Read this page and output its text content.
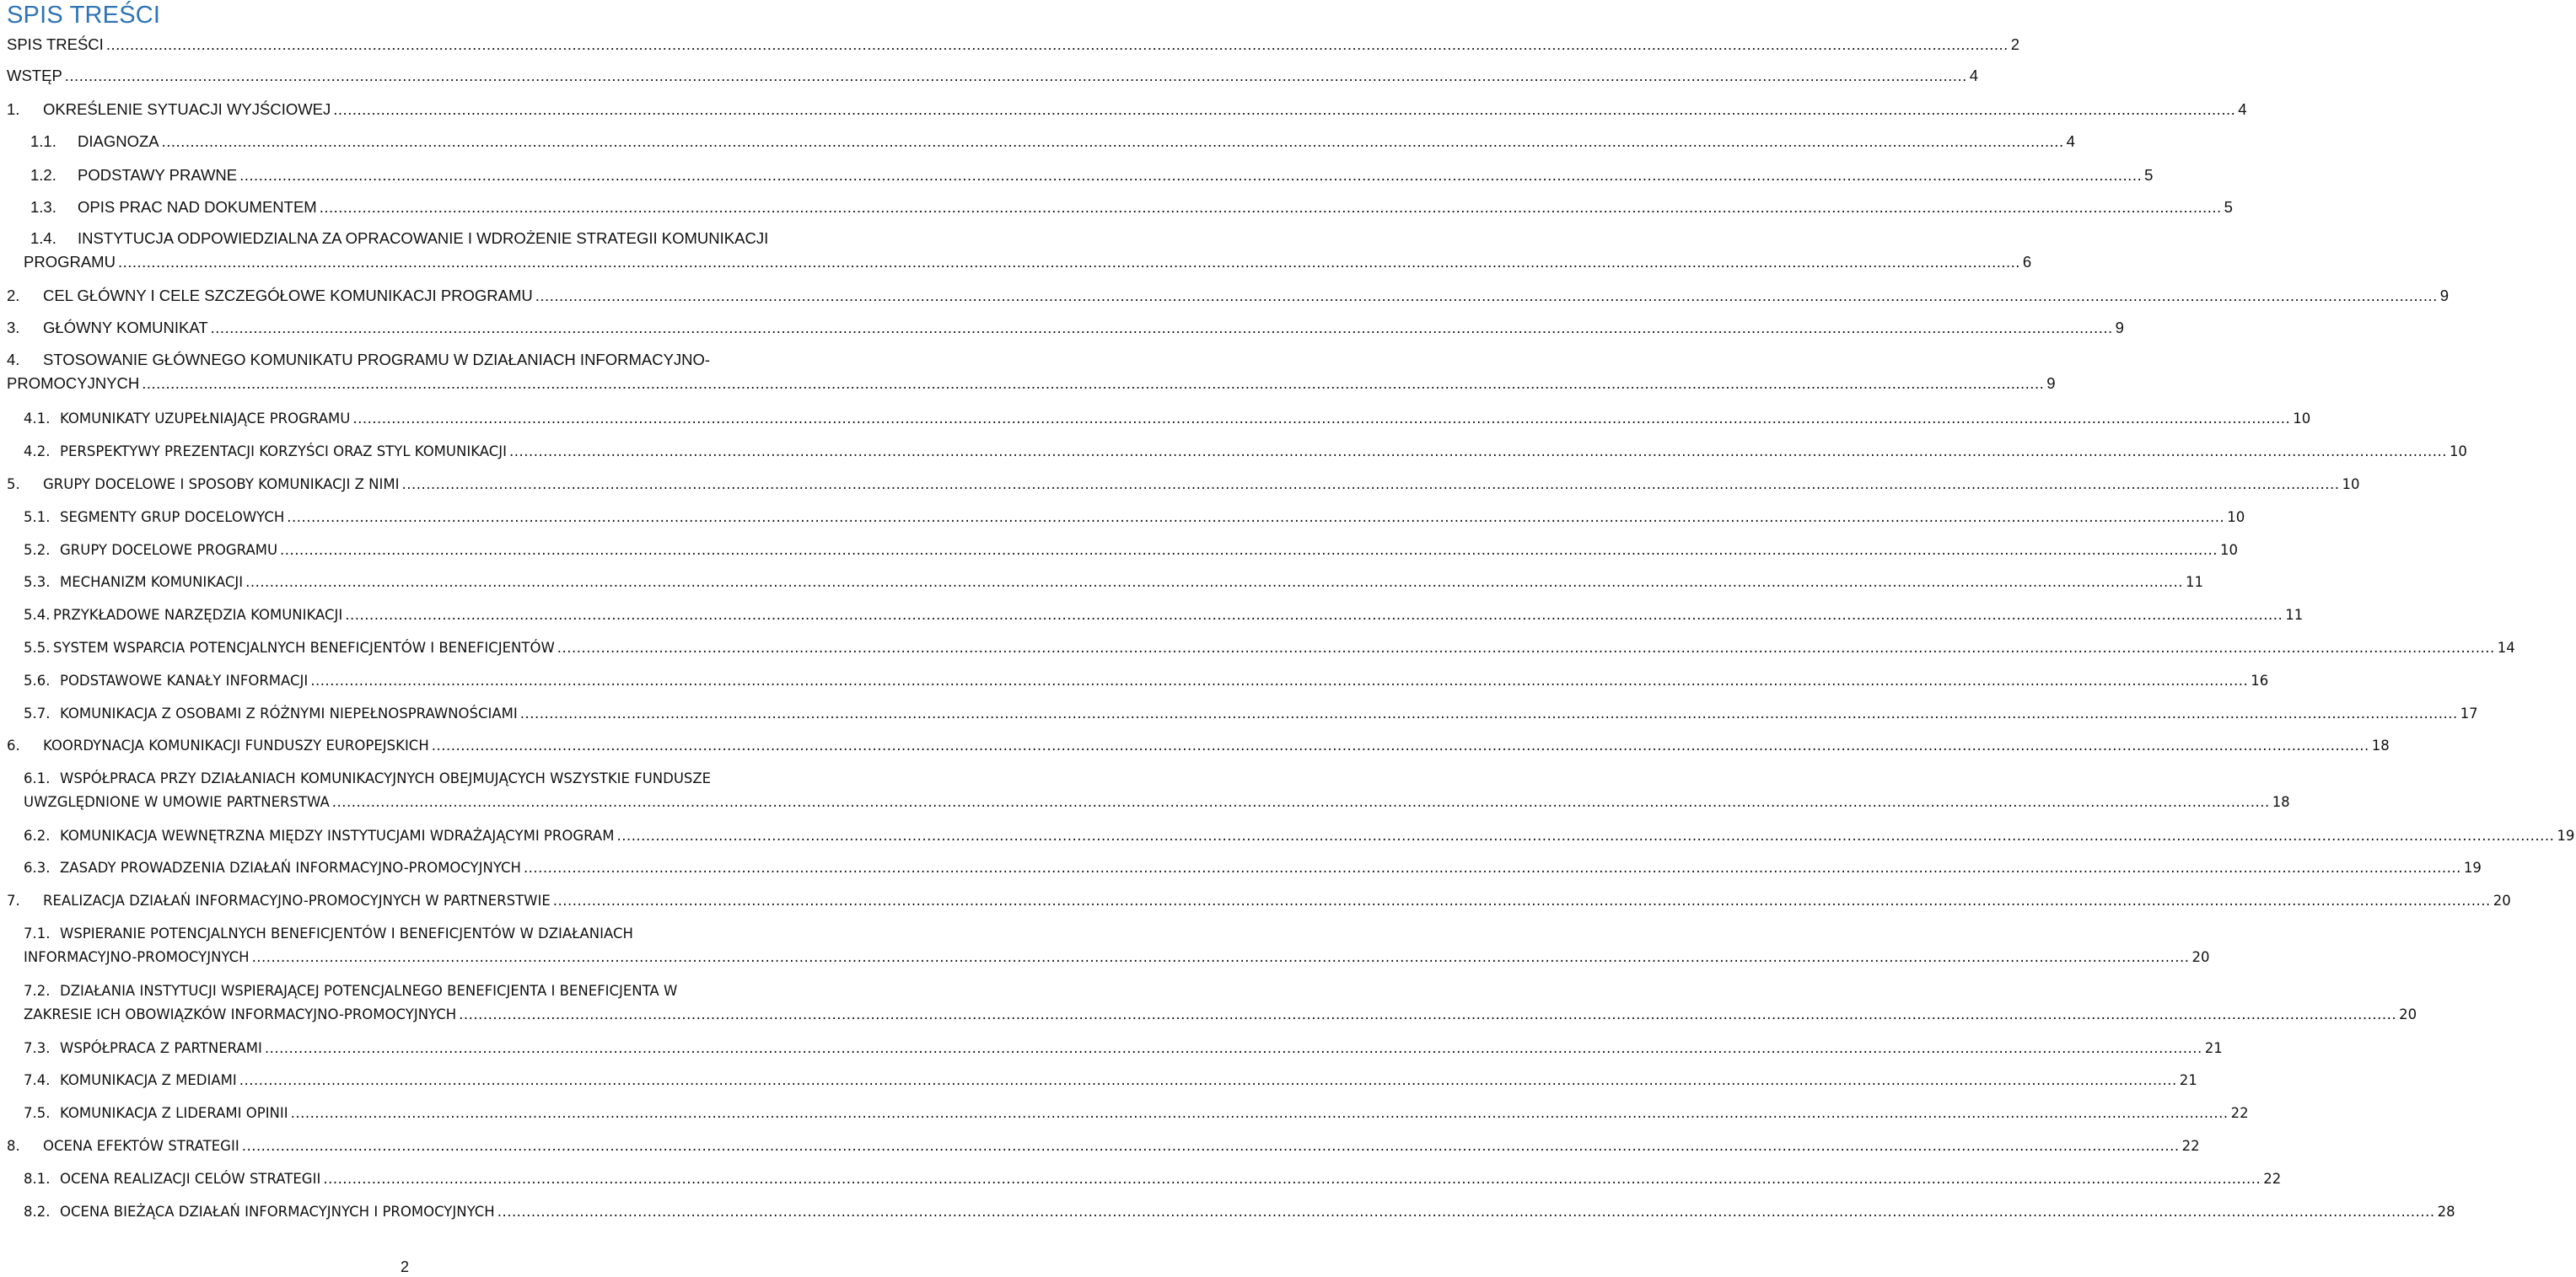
SPIS TREŚCI
SPIS TREŚCI ................................................................................................................................................................................................................................................................................................................................................................................................................ 2
WSTĘP ................................................................................................................................................................................................................................................................................................................................................................................................................ 4
1. OKREŚLENIE SYTUACJI WYJŚCIOWEJ ................................................................................................................................................................................................................................................................................................................................................................................................................ 4
1.1. DIAGNOZA ................................................................................................................................................................................................................................................................................................................................................................................................................ 4
1.2. PODSTAWY PRAWNE ................................................................................................................................................................................................................................................................................................................................................................................................................ 5
1.3. OPIS PRAC NAD DOKUMENTEM ................................................................................................................................................................................................................................................................................................................................................................................................................ 5
1.4. INSTYTUCJA ODPOWIEDZIALNA ZA OPRACOWANIE I WDROŻENIE STRATEGII KOMUNIKACJI
PROGRAMU ................................................................................................................................................................................................................................................................................................................................................................................................................ 6
2. CEL GŁÓWNY I CELE SZCZEGÓŁOWE KOMUNIKACJI PROGRAMU ................................................................................................................................................................................................................................................................................................................................................................................................................ 9
3. GŁÓWNY KOMUNIKAT ................................................................................................................................................................................................................................................................................................................................................................................................................ 9
4. STOSOWANIE GŁÓWNEGO KOMUNIKATU PROGRAMU W DZIAŁANIACH INFORMACYJNO-
PROMOCYJNYCH ................................................................................................................................................................................................................................................................................................................................................................................................................ 9
4.1. KOMUNIKATY UZUPEŁNIAJĄCE PROGRAMU ................................................................................................................................................................................................................................................................................................................................................................................................................ 10
4.2. PERSPEKTYWY PREZENTACJI KORZYŚCI ORAZ STYL KOMUNIKACJI ................................................................................................................................................................................................................................................................................................................................................................................................................ 10
5. GRUPY DOCELOWE I SPOSOBY KOMUNIKACJI Z NIMI ................................................................................................................................................................................................................................................................................................................................................................................................................ 10
5.1. SEGMENTY GRUP DOCELOWYCH ................................................................................................................................................................................................................................................................................................................................................................................................................ 10
5.2. GRUPY DOCELOWE PROGRAMU ................................................................................................................................................................................................................................................................................................................................................................................................................ 10
5.3. MECHANIZM KOMUNIKACJI ................................................................................................................................................................................................................................................................................................................................................................................................................ 11
5.4. PRZYKŁADOWE NARZĘDZIA KOMUNIKACJI ................................................................................................................................................................................................................................................................................................................................................................................................................ 11
5.5. SYSTEM WSPARCIA POTENCJALNYCH BENEFICJENTÓW I BENEFICJENTÓW ................................................................................................................................................................................................................................................................................................................................................................................................................ 14
5.6. PODSTAWOWE KANAŁY INFORMACJI ................................................................................................................................................................................................................................................................................................................................................................................................................ 16
5.7. KOMUNIKACJA Z OSOBAMI Z RÓŻNYMI NIEPEŁNOSPRAWNOŚCIAMI ................................................................................................................................................................................................................................................................................................................................................................................................................ 17
6. KOORDYNACJA KOMUNIKACJI FUNDUSZY EUROPEJSKICH ................................................................................................................................................................................................................................................................................................................................................................................................................ 18
6.1. WSPÓŁPRACA PRZY DZIAŁANIACH KOMUNIKACYJNYCH OBEJMUJĄCYCH WSZYSTKIE FUNDUSZE
UWZGLĘDNIONE W UMOWIE PARTNERSTWA ................................................................................................................................................................................................................................................................................................................................................................................................................ 18
6.2. KOMUNIKACJA WEWNĘTRZNA MIĘDZY INSTYTUCJAMI WDRAŻAJĄCYMI PROGRAM ................................................................................................................................................................................................................................................................................................................................................................................................................ 19
6.3. ZASADY PROWADZENIA DZIAŁAŃ INFORMACYJNO-PROMOCYJNYCH ................................................................................................................................................................................................................................................................................................................................................................................................................ 19
7. REALIZACJA DZIAŁAŃ INFORMACYJNO-PROMOCYJNYCH W PARTNERSTWIE ................................................................................................................................................................................................................................................................................................................................................................................................................ 20
7.1. WSPIERANIE POTENCJALNYCH BENEFICJENTÓW I BENEFICJENTÓW W DZIAŁANIACH
INFORMACYJNO-PROMOCYJNYCH ................................................................................................................................................................................................................................................................................................................................................................................................................ 20
7.2. DZIAŁANIA INSTYTUCJI WSPIERAJĄCEJ POTENCJALNEGO BENEFICJENTA I BENEFICJENTA W
ZAKRESIE ICH OBOWIĄZKÓW INFORMACYJNO-PROMOCYJNYCH ................................................................................................................................................................................................................................................................................................................................................................................................................ 20
7.3. WSPÓŁPRACA Z PARTNERAMI ................................................................................................................................................................................................................................................................................................................................................................................................................ 21
7.4. KOMUNIKACJA Z MEDIAMI ................................................................................................................................................................................................................................................................................................................................................................................................................ 21
7.5. KOMUNIKACJA Z LIDERAMI OPINII ................................................................................................................................................................................................................................................................................................................................................................................................................ 22
8. OCENA EFEKTÓW STRATEGII ................................................................................................................................................................................................................................................................................................................................................................................................................ 22
8.1. OCENA REALIZACJI CELÓW STRATEGII ................................................................................................................................................................................................................................................................................................................................................................................................................ 22
8.2. OCENA BIEŻĄCA DZIAŁAŃ INFORMACYJNYCH I PROMOCYJNYCH ................................................................................................................................................................................................................................................................................................................................................................................................................ 28
2
